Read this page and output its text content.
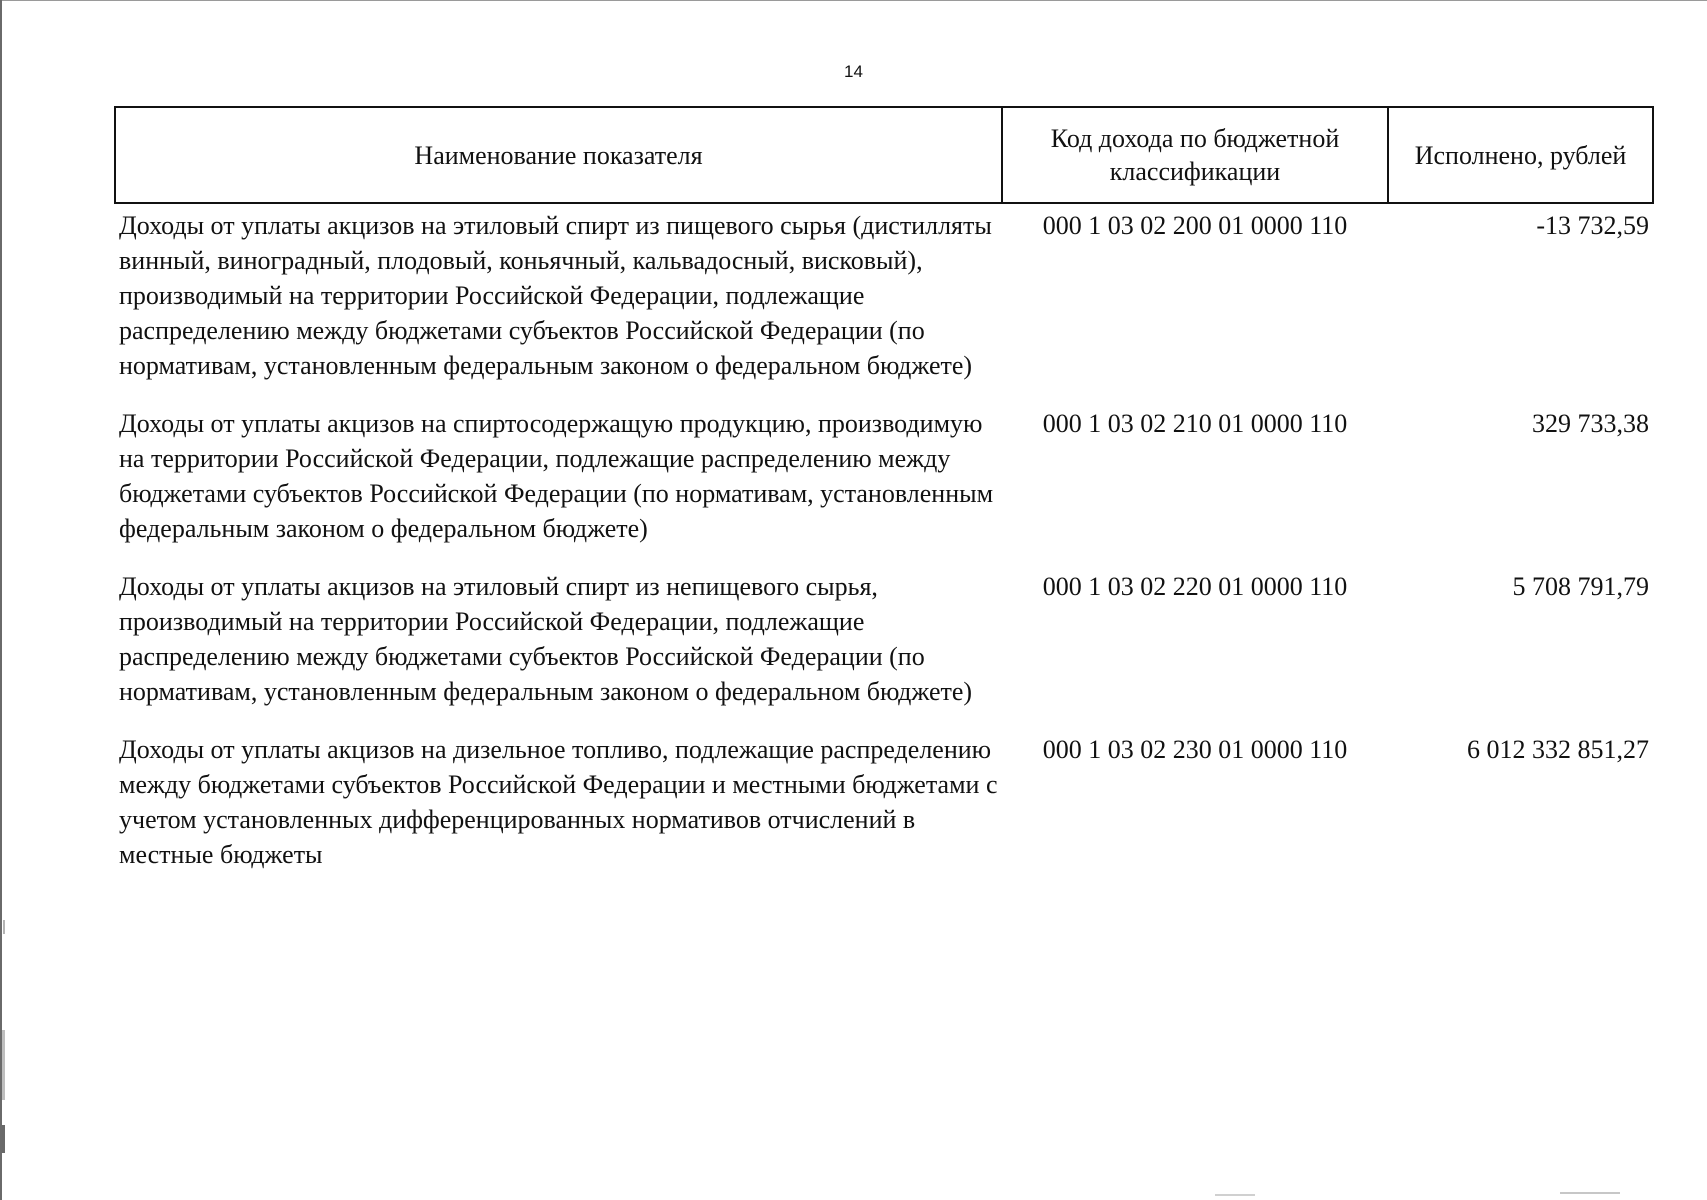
14
Наименование показателя	Код дохода по бюджетной классификации	Исполнено, рублей
Доходы от уплаты акцизов на этиловый спирт из пищевого сырья (дистилляты винный, виноградный, плодовый, коньячный, кальвадосный, висковый), производимый на территории Российской Федерации, подлежащие распределению между бюджетами субъектов Российской Федерации (по нормативам, установленным федеральным законом о федеральном бюджете)	000 1 03 02 200 01 0000 110	-13 732,59
Доходы от уплаты акцизов на спиртосодержащую продукцию, производимую на территории Российской Федерации, подлежащие распределению между бюджетами субъектов Российской Федерации (по нормативам, установленным федеральным законом о федеральном бюджете)	000 1 03 02 210 01 0000 110	329 733,38
Доходы от уплаты акцизов на этиловый спирт из непищевого сырья, производимый на территории Российской Федерации, подлежащие распределению между бюджетами субъектов Российской Федерации (по нормативам, установленным федеральным законом о федеральном бюджете)	000 1 03 02 220 01 0000 110	5 708 791,79
Доходы от уплаты акцизов на дизельное топливо, подлежащие распределению между бюджетами субъектов Российской Федерации и местными бюджетами с учетом установленных дифференцированных нормативов отчислений в местные бюджеты	000 1 03 02 230 01 0000 110	6 012 332 851,27
